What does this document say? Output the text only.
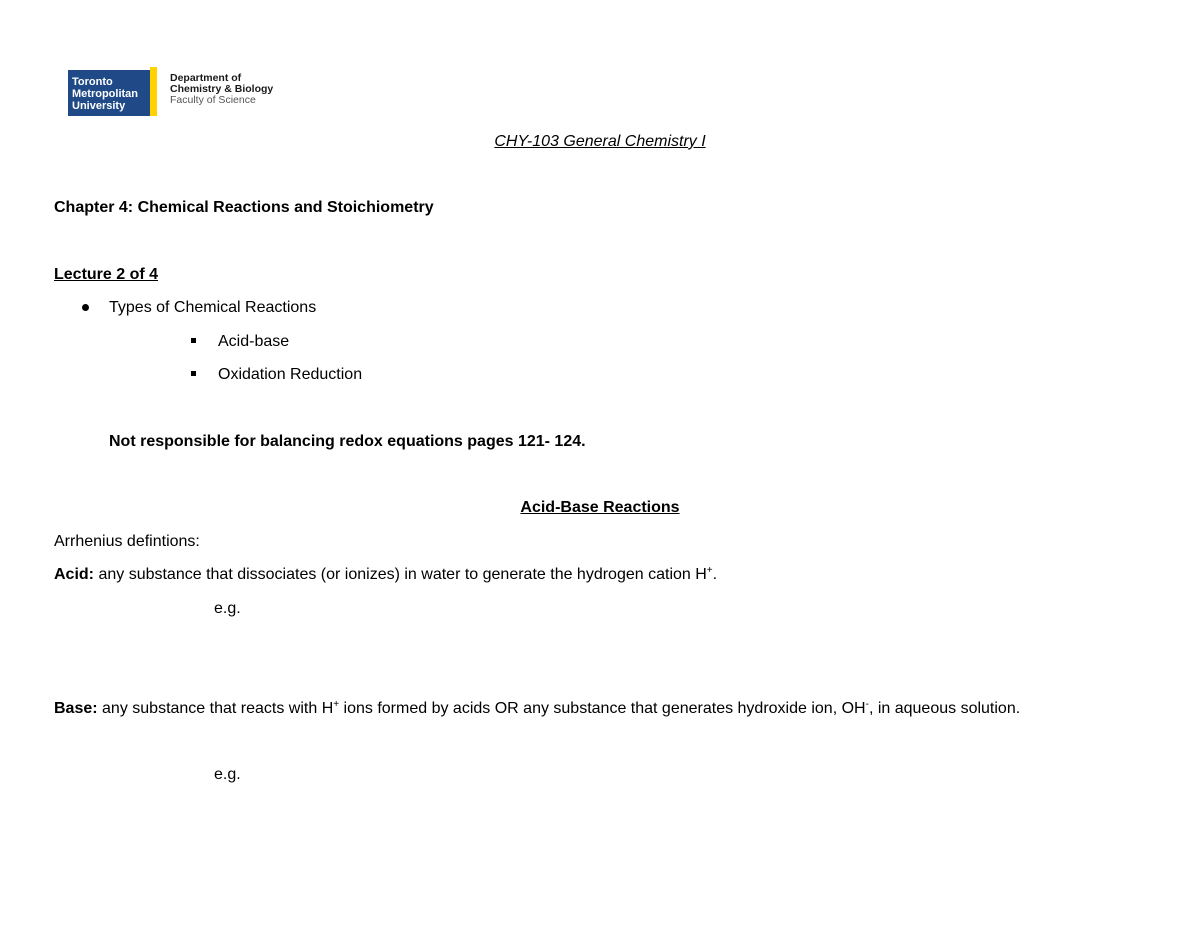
Toronto
Metropolitan
University
Department of
Chemistry & Biology
Faculty of Science
CHY-103 General Chemistry I
Chapter 4: Chemical Reactions and Stoichiometry
Lecture 2 of 4
Types of Chemical Reactions
Acid-base
Oxidation Reduction
Not responsible for balancing redox equations pages 121- 124.
Acid-Base Reactions
Arrhenius defintions:
Acid: any substance that dissociates (or ionizes) in water to generate the hydrogen cation H+.
e.g.
Base: any substance that reacts with H+ ions formed by acids OR any substance that generates hydroxide ion, OH-, in aqueous solution.
e.g.
